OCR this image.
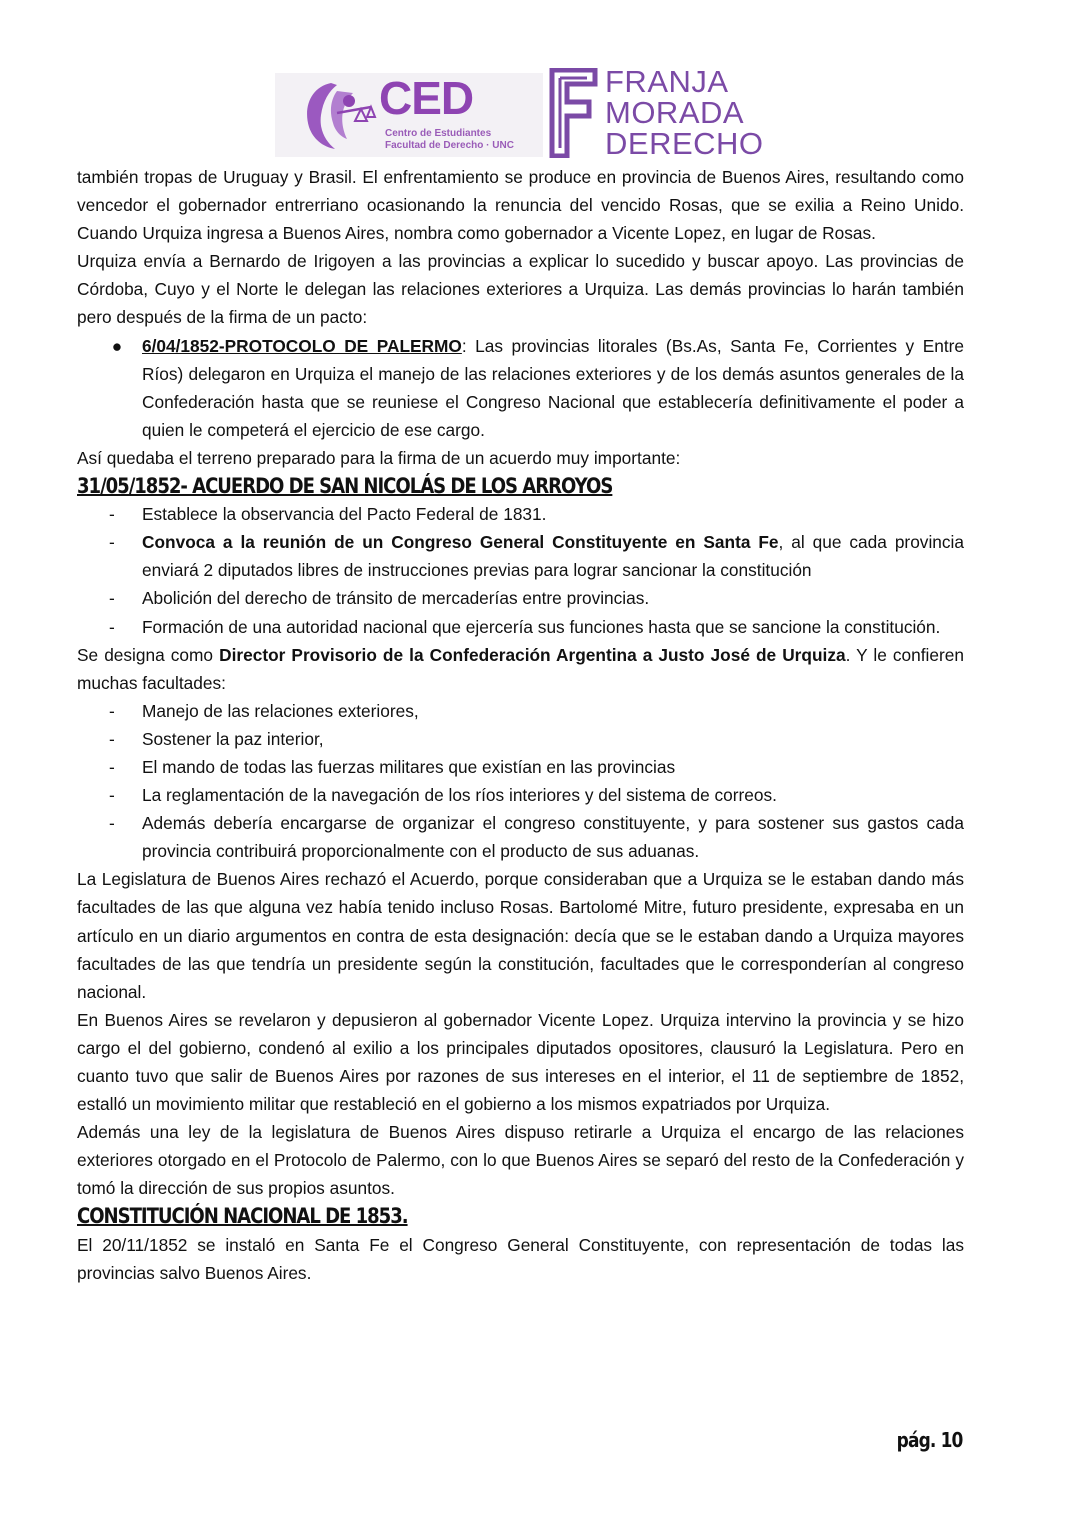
CED
Centro de Estudiantes
Facultad de Derecho · UNC
FRANJA
MORADA
DERECHO

también tropas de Uruguay y Brasil. El enfrentamiento se produce en provincia de Buenos Aires, resultando como vencedor el gobernador entrerriano ocasionando la renuncia del vencido Rosas, que se exilia a Reino Unido. Cuando Urquiza ingresa a Buenos Aires, nombra como gobernador a Vicente Lopez, en lugar de Rosas.

Urquiza envía a Bernardo de Irigoyen a las provincias a explicar lo sucedido y buscar apoyo. Las provincias de Córdoba, Cuyo y el Norte le delegan las relaciones exteriores a Urquiza. Las demás provincias lo harán también pero después de la firma de un pacto:

● 6/04/1852-PROTOCOLO DE PALERMO: Las provincias litorales (Bs.As, Santa Fe, Corrientes y Entre Ríos) delegaron en Urquiza el manejo de las relaciones exteriores y de los demás asuntos generales de la Confederación hasta que se reuniese el Congreso Nacional que establecería definitivamente el poder a quien le competerá el ejercicio de ese cargo.

Así quedaba el terreno preparado para la firma de un acuerdo muy importante:

31/05/1852- ACUERDO DE SAN NICOLÁS DE LOS ARROYOS
- Establece la observancia del Pacto Federal de 1831.
- Convoca a la reunión de un Congreso General Constituyente en Santa Fe, al que cada provincia enviará 2 diputados libres de instrucciones previas para lograr sancionar la constitución
- Abolición del derecho de tránsito de mercaderías entre provincias.
- Formación de una autoridad nacional que ejercería sus funciones hasta que se sancione la constitución.

Se designa como Director Provisorio de la Confederación Argentina a Justo José de Urquiza. Y le confieren muchas facultades:

- Manejo de las relaciones exteriores,
- Sostener la paz interior,
- El mando de todas las fuerzas militares que existían en las provincias
- La reglamentación de la navegación de los ríos interiores y del sistema de correos.
- Además debería encargarse de organizar el congreso constituyente, y para sostener sus gastos cada provincia contribuirá proporcionalmente con el producto de sus aduanas.

La Legislatura de Buenos Aires rechazó el Acuerdo, porque consideraban que a Urquiza se le estaban dando más facultades de las que alguna vez había tenido incluso Rosas. Bartolomé Mitre, futuro presidente, expresaba en un artículo en un diario argumentos en contra de esta designación: decía que se le estaban dando a Urquiza mayores facultades de las que tendría un presidente según la constitución, facultades que le corresponderían al congreso nacional.

En Buenos Aires se revelaron y depusieron al gobernador Vicente Lopez. Urquiza intervino la provincia y se hizo cargo el del gobierno, condenó al exilio a los principales diputados opositores, clausuró la Legislatura. Pero en cuanto tuvo que salir de Buenos Aires por razones de sus intereses en el interior, el 11 de septiembre de 1852, estalló un movimiento militar que restableció en el gobierno a los mismos expatriados por Urquiza.

Además una ley de la legislatura de Buenos Aires dispuso retirarle a Urquiza el encargo de las relaciones exteriores otorgado en el Protocolo de Palermo, con lo que Buenos Aires se separó del resto de la Confederación y tomó la dirección de sus propios asuntos.

CONSTITUCIÓN NACIONAL DE 1853.

El 20/11/1852 se instaló en Santa Fe el Congreso General Constituyente, con representación de todas las provincias salvo Buenos Aires.

pág. 10
